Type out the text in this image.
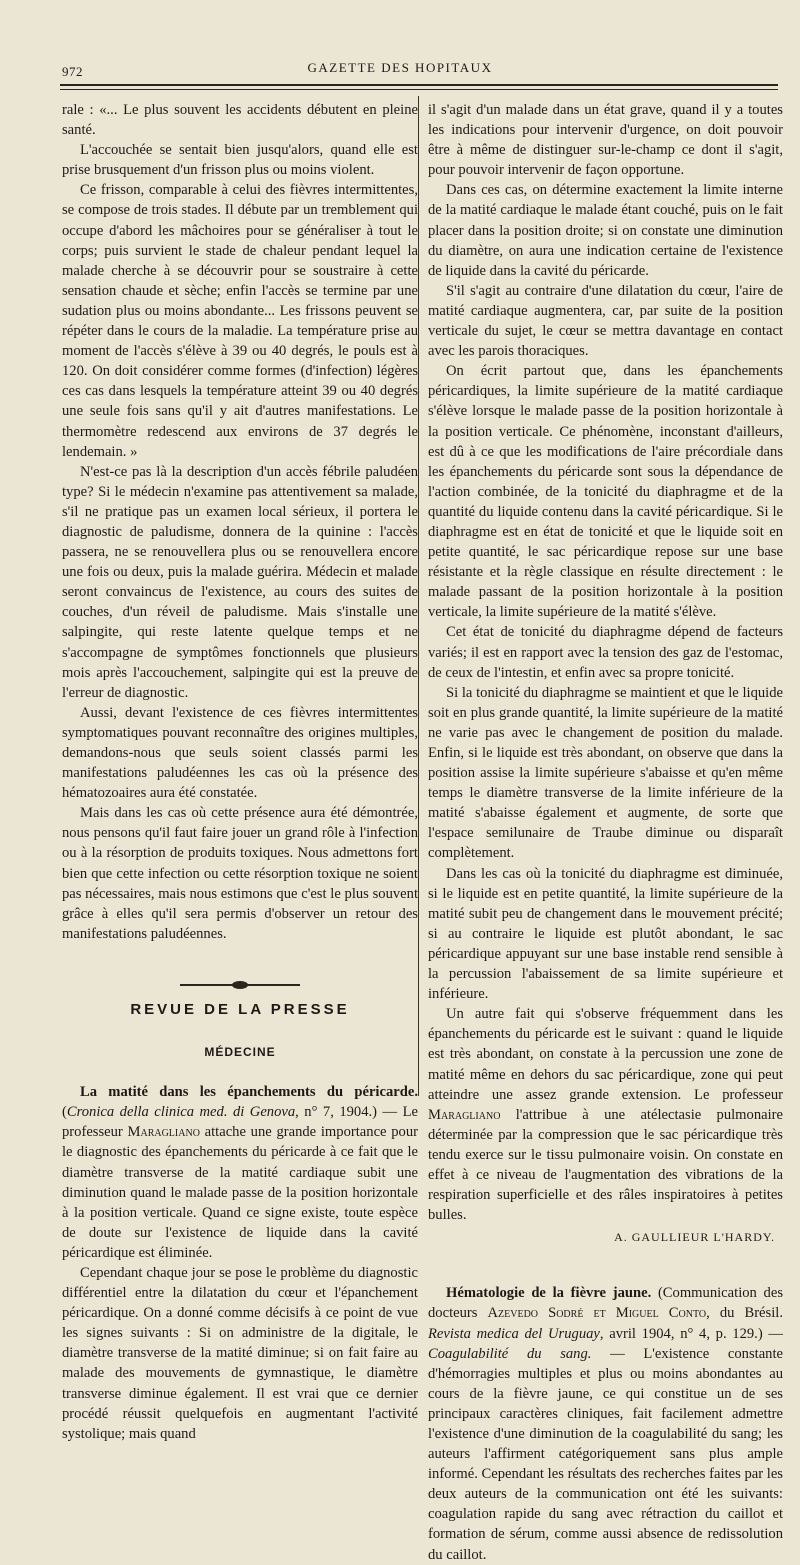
972	GAZETTE DES HOPITAUX

rale : «... Le plus souvent les accidents débutent en pleine santé.

L'accouchée se sentait bien jusqu'alors, quand elle est prise brusquement d'un frisson plus ou moins violent.

Ce frisson, comparable à celui des fièvres intermittentes, se compose de trois stades. Il débute par un tremblement qui occupe d'abord les mâchoires pour se généraliser à tout le corps; puis survient le stade de chaleur pendant lequel la malade cherche à se découvrir pour se soustraire à cette sensation chaude et sèche; enfin l'accès se termine par une sudation plus ou moins abondante... Les frissons peuvent se répéter dans le cours de la maladie. La température prise au moment de l'accès s'élève à 39 ou 40 degrés, le pouls est à 120. On doit considérer comme formes (d'infection) légères ces cas dans lesquels la température atteint 39 ou 40 degrés une seule fois sans qu'il y ait d'autres manifestations. Le thermomètre redescend aux environs de 37 degrés le lendemain. »

N'est-ce pas là la description d'un accès fébrile paludéen type? Si le médecin n'examine pas attentivement sa malade, s'il ne pratique pas un examen local sérieux, il portera le diagnostic de paludisme, donnera de la quinine : l'accès passera, ne se renouvellera plus ou se renouvellera encore une fois ou deux, puis la malade guérira. Médecin et malade seront convaincus de l'existence, au cours des suites de couches, d'un réveil de paludisme. Mais s'installe une salpingite, qui reste latente quelque temps et ne s'accompagne de symptômes fonctionnels que plusieurs mois après l'accouchement, salpingite qui est la preuve de l'erreur de diagnostic.

Aussi, devant l'existence de ces fièvres intermittentes symptomatiques pouvant reconnaître des origines multiples, demandons-nous que seuls soient classés parmi les manifestations paludéennes les cas où la présence des hématozoaires aura été constatée.

Mais dans les cas où cette présence aura été démontrée, nous pensons qu'il faut faire jouer un grand rôle à l'infection ou à la résorption de produits toxiques. Nous admettons fort bien que cette infection ou cette résorption toxique ne soient pas nécessaires, mais nous estimons que c'est le plus souvent grâce à elles qu'il sera permis d'observer un retour des manifestations paludéennes.

REVUE DE LA PRESSE
MÉDECINE

La matité dans les épanchements du péricarde. (Cronica della clinica med. di Genova, n° 7, 1904.) — Le professeur Maragliano attache une grande importance pour le diagnostic des épanchements du péricarde à ce fait que le diamètre transverse de la matité cardiaque subit une diminution quand le malade passe de la position horizontale à la position verticale. Quand ce signe existe, toute espèce de doute sur l'existence de liquide dans la cavité péricardique est éliminée.

Cependant chaque jour se pose le problème du diagnostic différentiel entre la dilatation du cœur et l'épanchement péricardique. On a donné comme décisifs à ce point de vue les signes suivants : Si on administre de la digitale, le diamètre transverse de la matité diminue; si on fait faire au malade des mouvements de gymnastique, le diamètre transverse diminue également. Il est vrai que ce dernier procédé réussit quelquefois en augmentant l'activité systolique; mais quand

il s'agit d'un malade dans un état grave, quand il y a toutes les indications pour intervenir d'urgence, on doit pouvoir être à même de distinguer sur-le-champ ce dont il s'agit, pour pouvoir intervenir de façon opportune.

Dans ces cas, on détermine exactement la limite interne de la matité cardiaque le malade étant couché, puis on le fait placer dans la position droite; si on constate une diminution du diamètre, on aura une indication certaine de l'existence de liquide dans la cavité du péricarde.

S'il s'agit au contraire d'une dilatation du cœur, l'aire de matité cardiaque augmentera, car, par suite de la position verticale du sujet, le cœur se mettra davantage en contact avec les parois thoraciques.

On écrit partout que, dans les épanchements péricardiques, la limite supérieure de la matité cardiaque s'élève lorsque le malade passe de la position horizontale à la position verticale. Ce phénomène, inconstant d'ailleurs, est dû à ce que les modifications de l'aire précordiale dans les épanchements du péricarde sont sous la dépendance de l'action combinée, de la tonicité du diaphragme et de la quantité du liquide contenu dans la cavité péricardique. Si le diaphragme est en état de tonicité et que le liquide soit en petite quantité, le sac péricardique repose sur une base résistante et la règle classique en résulte directement : le malade passant de la position horizontale à la position verticale, la limite supérieure de la matité s'élève.

Cet état de tonicité du diaphragme dépend de facteurs variés; il est en rapport avec la tension des gaz de l'estomac, de ceux de l'intestin, et enfin avec sa propre tonicité.

Si la tonicité du diaphragme se maintient et que le liquide soit en plus grande quantité, la limite supérieure de la matité ne varie pas avec le changement de position du malade. Enfin, si le liquide est très abondant, on observe que dans la position assise la limite supérieure s'abaisse et qu'en même temps le diamètre transverse de la limite inférieure de la matité s'abaisse également et augmente, de sorte que l'espace semilunaire de Traube diminue ou disparaît complètement.

Dans les cas où la tonicité du diaphragme est diminuée, si le liquide est en petite quantité, la limite supérieure de la matité subit peu de changement dans le mouvement précité; si au contraire le liquide est plutôt abondant, le sac péricardique appuyant sur une base instable rend sensible à la percussion l'abaissement de sa limite supérieure et inférieure.

Un autre fait qui s'observe fréquemment dans les épanchements du péricarde est le suivant : quand le liquide est très abondant, on constate à la percussion une zone de matité même en dehors du sac péricardique, zone qui peut atteindre une assez grande extension. Le professeur Maragliano l'attribue à une atélectasie pulmonaire déterminée par la compression que le sac péricardique très tendu exerce sur le tissu pulmonaire voisin. On constate en effet à ce niveau de l'augmentation des vibrations de la respiration superficielle et des râles inspiratoires à petites bulles.

A. GAULLIEUR L'HARDY.

Hématologie de la fièvre jaune. (Communication des docteurs Azevedo Sodré et Miguel Conto, du Brésil. Revista medica del Uruguay, avril 1904, n° 4, p. 129.) — Coagulabilité du sang. — L'existence constante d'hémorragies multiples et plus ou moins abondantes au cours de la fièvre jaune, ce qui constitue un de ses principaux caractères cliniques, fait facilement admettre l'existence d'une diminution de la coagulabilité du sang; les auteurs l'affirment catégoriquement sans plus ample informé. Cependant les résultats des recherches faites par les deux auteurs de la communication ont été les suivants: coagulation rapide du sang avec rétraction du caillot et formation de sérum, comme aussi absence de redissolution du caillot.
